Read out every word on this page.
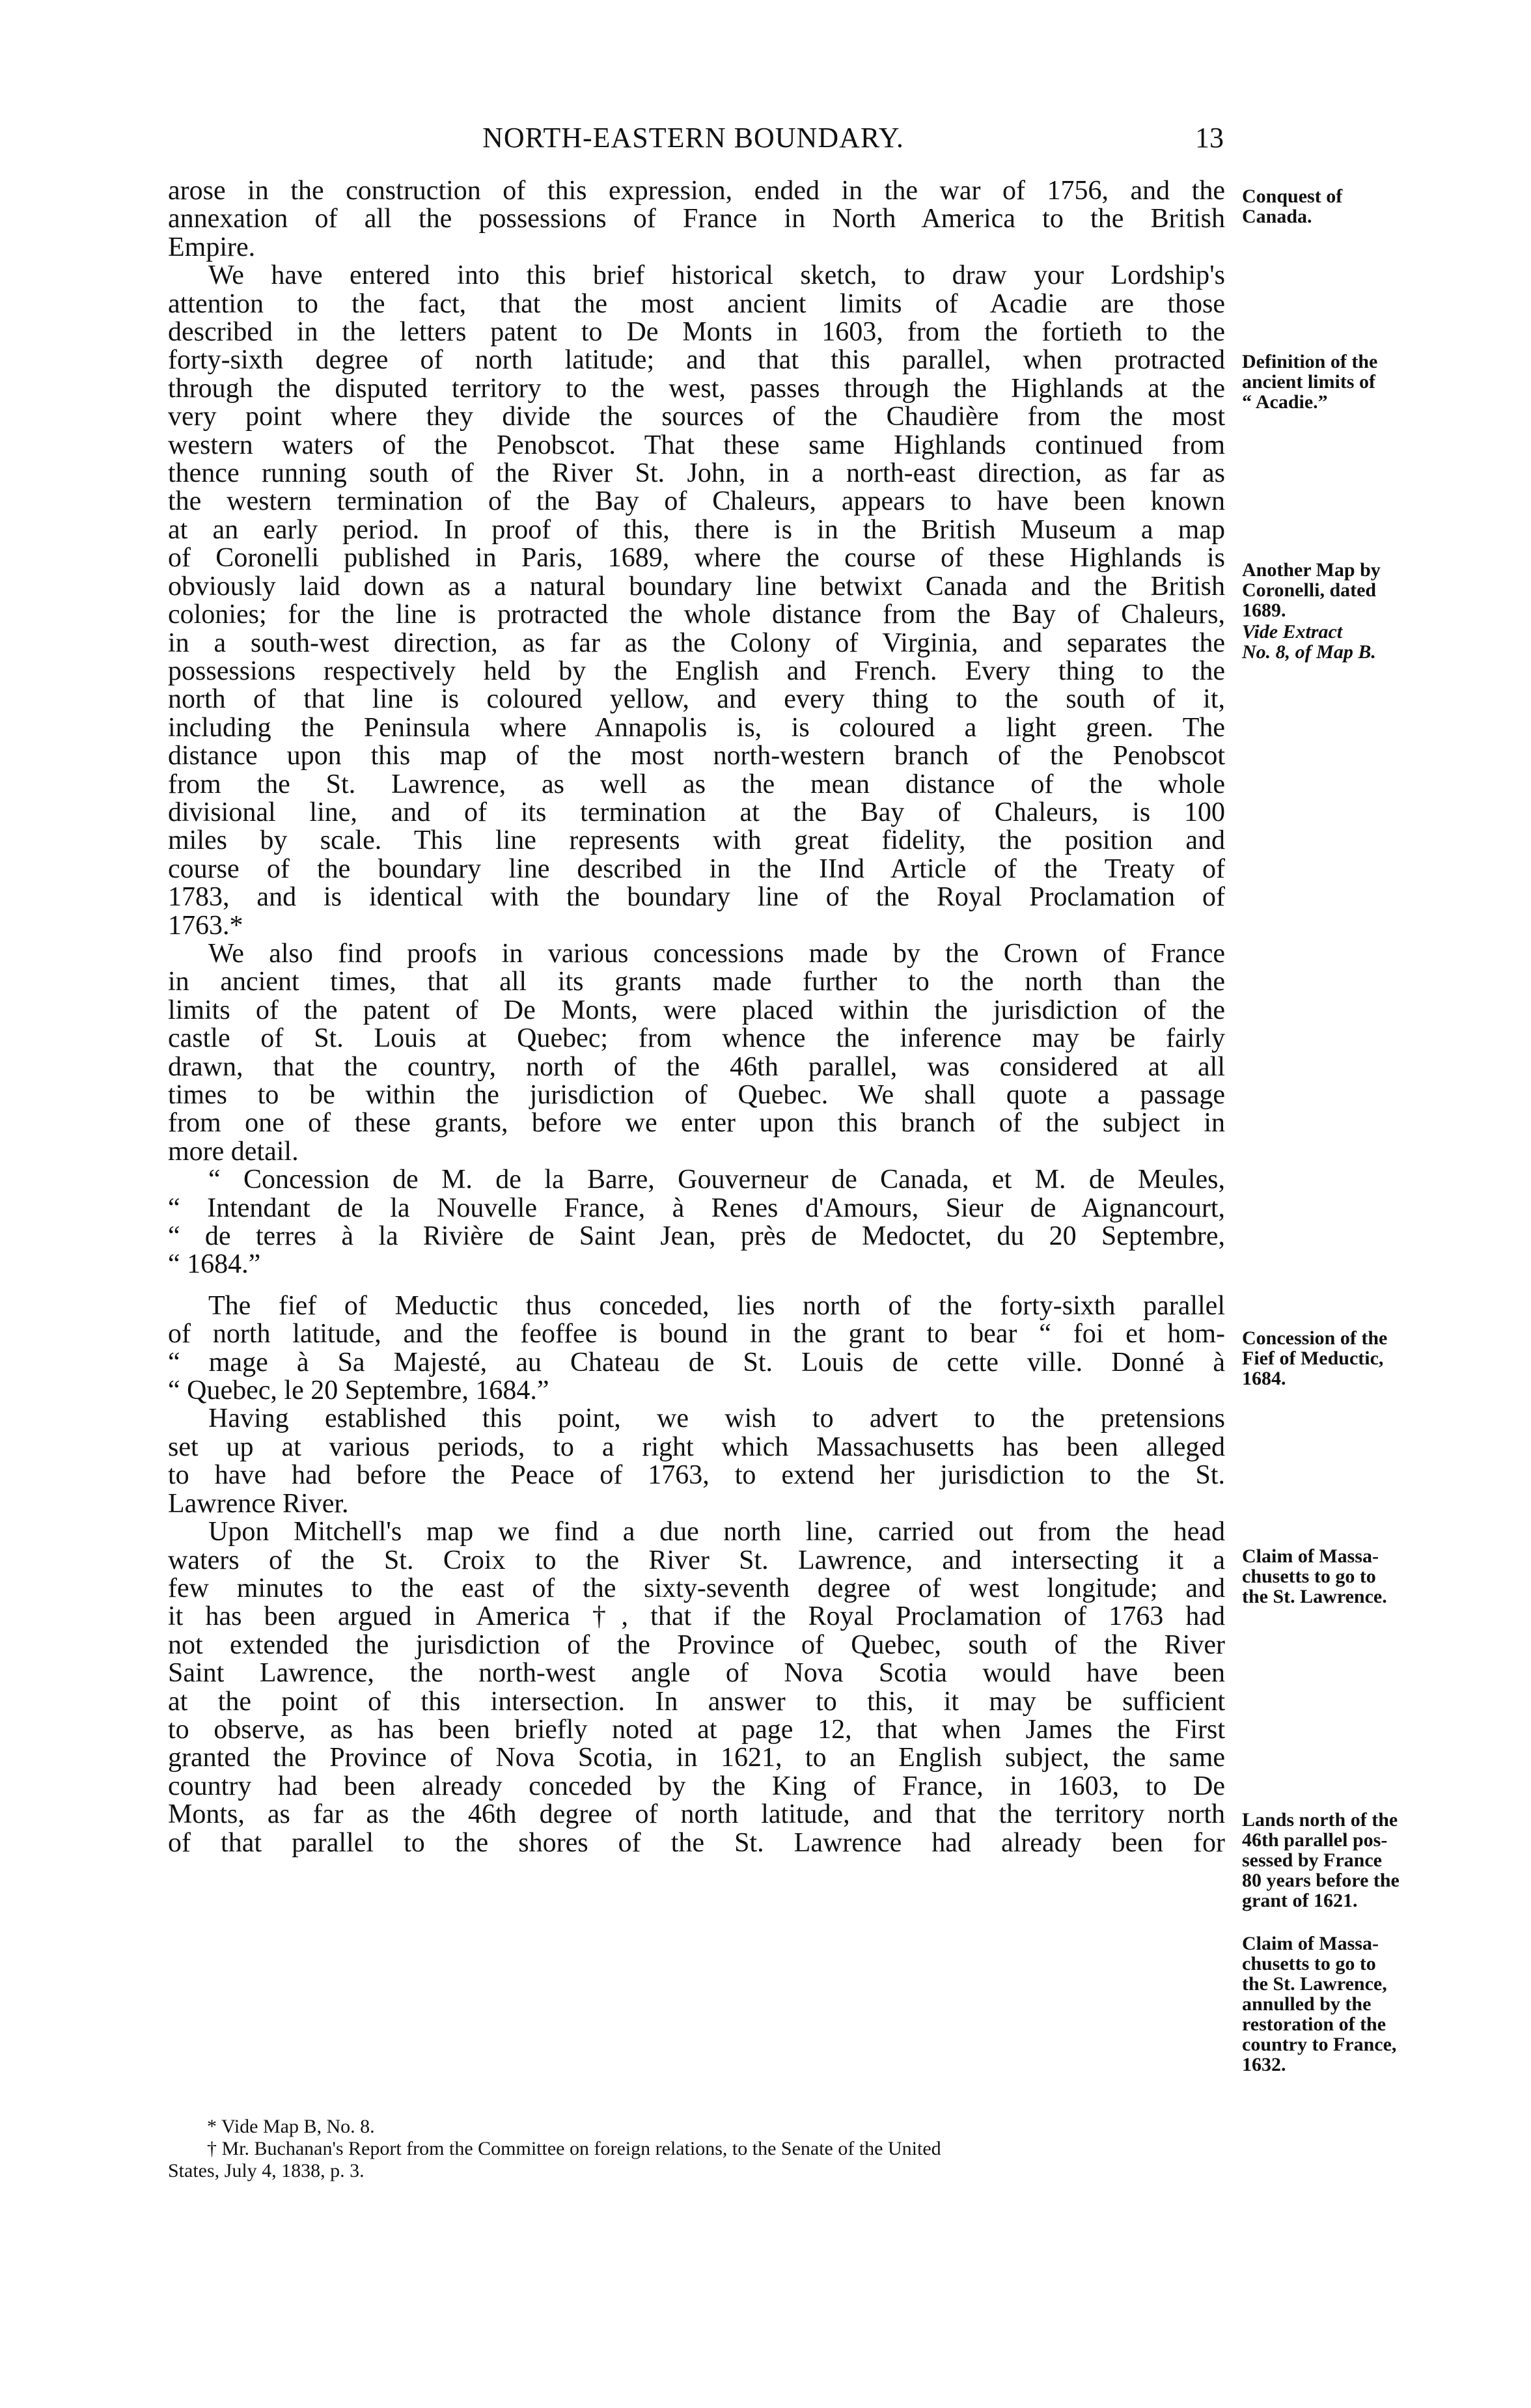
NORTH-EASTERN BOUNDARY.	13
arose in the construction of this expression, ended in the war of 1756, and the
annexation of all the possessions of France in North America to the British
Empire.
We have entered into this brief historical sketch, to draw your Lordship's
attention to the fact, that the most ancient limits of Acadie are those
described in the letters patent to De Monts in 1603, from the fortieth to the
forty-sixth degree of north latitude; and that this parallel, when protracted
through the disputed territory to the west, passes through the Highlands at the
very point where they divide the sources of the Chaudière from the most
western waters of the Penobscot. That these same Highlands continued from
thence running south of the River St. John, in a north-east direction, as far as
the western termination of the Bay of Chaleurs, appears to have been known
at an early period. In proof of this, there is in the British Museum a map
of Coronelli published in Paris, 1689, where the course of these Highlands is
obviously laid down as a natural boundary line betwixt Canada and the British
colonies; for the line is protracted the whole distance from the Bay of Chaleurs,
in a south-west direction, as far as the Colony of Virginia, and separates the
possessions respectively held by the English and French. Every thing to the
north of that line is coloured yellow, and every thing to the south of it,
including the Peninsula where Annapolis is, is coloured a light green. The
distance upon this map of the most north-western branch of the Penobscot
from the St. Lawrence, as well as the mean distance of the whole
divisional line, and of its termination at the Bay of Chaleurs, is 100
miles by scale. This line represents with great fidelity, the position and
course of the boundary line described in the IInd Article of the Treaty of
1783, and is identical with the boundary line of the Royal Proclamation of
1763.*
We also find proofs in various concessions made by the Crown of France
in ancient times, that all its grants made further to the north than the
limits of the patent of De Monts, were placed within the jurisdiction of the
castle of St. Louis at Quebec; from whence the inference may be fairly
drawn, that the country, north of the 46th parallel, was considered at all
times to be within the jurisdiction of Quebec. We shall quote a passage
from one of these grants, before we enter upon this branch of the subject in
more detail.
“ Concession de M. de la Barre, Gouverneur de Canada, et M. de Meules,
“ Intendant de la Nouvelle France, à Renes d'Amours, Sieur de Aignancourt,
“ de terres à la Rivière de Saint Jean, près de Medoctet, du 20 Septembre,
“ 1684.”
The fief of Meductic thus conceded, lies north of the forty-sixth parallel
of north latitude, and the feoffee is bound in the grant to bear “ foi et hom-
“ mage à Sa Majesté, au Chateau de St. Louis de cette ville. Donné à
“ Quebec, le 20 Septembre, 1684.”
Having established this point, we wish to advert to the pretensions
set up at various periods, to a right which Massachusetts has been alleged
to have had before the Peace of 1763, to extend her jurisdiction to the St.
Lawrence River.
Upon Mitchell's map we find a due north line, carried out from the head
waters of the St. Croix to the River St. Lawrence, and intersecting it a
few minutes to the east of the sixty-seventh degree of west longitude; and
it has been argued in America †, that if the Royal Proclamation of 1763 had
not extended the jurisdiction of the Province of Quebec, south of the River
Saint Lawrence, the north-west angle of Nova Scotia would have been
at the point of this intersection. In answer to this, it may be sufficient
to observe, as has been briefly noted at page 12, that when James the First
granted the Province of Nova Scotia, in 1621, to an English subject, the same
country had been already conceded by the King of France, in 1603, to De
Monts, as far as the 46th degree of north latitude, and that the territory north
of that parallel to the shores of the St. Lawrence had already been for
Conquest of
Canada.
Definition of the
ancient limits of
“ Acadie.”
Another Map by
Coronelli, dated
1689.
Vide Extract
No. 8, of Map B.
Concession of the
Fief of Meductic,
1684.
Claim of Massa-
chusetts to go to
the St. Lawrence.
Lands north of the
46th parallel pos-
sessed by France
80 years before the
grant of 1621.
Claim of Massa-
chusetts to go to
the St. Lawrence,
annulled by the
restoration of the
country to France,
1632.
* Vide Map B, No. 8.
† Mr. Buchanan's Report from the Committee on foreign relations, to the Senate of the United
States, July 4, 1838, p. 3.
